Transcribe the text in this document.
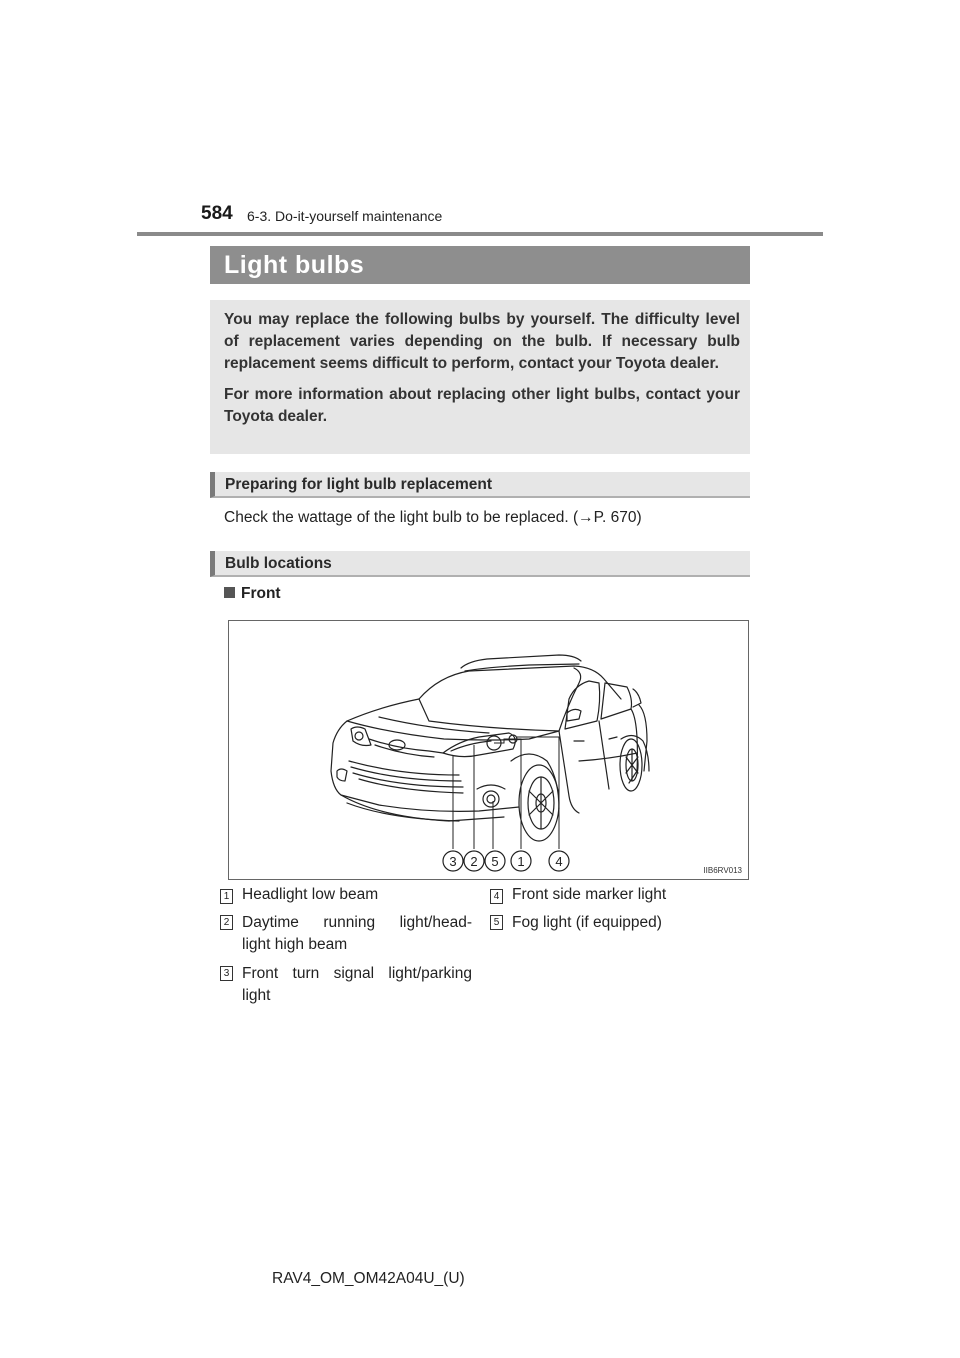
584 6-3. Do-it-yourself maintenance
Light bulbs

You may replace the following bulbs by yourself. The difficulty level of replacement varies depending on the bulb. If necessary bulb replacement seems difficult to perform, contact your Toyota dealer.

For more information about replacing other light bulbs, contact your Toyota dealer.

Preparing for light bulb replacement
Check the wattage of the light bulb to be replaced. (→P. 670)
Bulb locations
Front
3 2 5 1 4
IIB6RV013
1 Headlight low beam
2 Daytime running light/head-
light high beam
3 Front turn signal light/parking
light
4 Front side marker light
5 Fog light (if equipped)
RAV4_OM_OM42A04U_(U)
